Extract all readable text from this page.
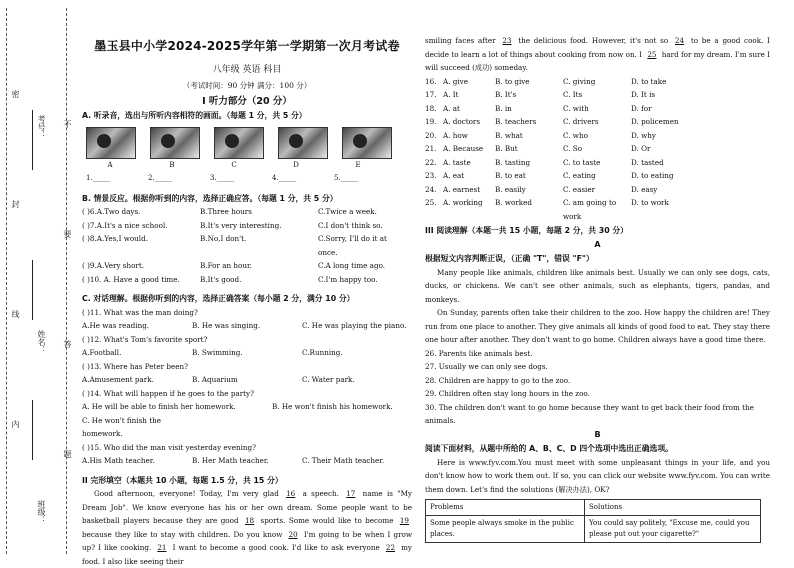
班级：
姓名：
考号：
密
封
线
内
不
要
答
题
墨玉县中小学2024-2025学年第一学期第一次月考试卷
八年级 英语 科目
（考试时间：90 分钟 满分：100 分）
I 听力部分（20 分）
A. 听录音，选出与所听内容相符的画面。（每题 1 分，共 5 分）
A	B	C	D	E
1._____	2._____	3._____	4._____	5._____
B. 情景反应。根据你听到的内容，选择正确应答。（每题 1 分，共 5 分）
( )6.A.Two days.	B.Three hours	C.Twice a week.
( )7.A.It's a nice school.	B.It's very interesting.	C.I don't think so.
( )8.A.Yes,I would.	B.No,I don't.	C.Sorry, I'll do it at once.
( )9.A.Very short.	B.For an hour.	C.A long time ago.
( )10. A. Have a good time.	B.It's good.	C.I'm happy too.
C. 对话理解。根据你听到的内容，选择正确答案（每小题 2 分，满分 10 分）
( )11. What was the man doing?
A.He was reading.	B. He was singing.	C. He was playing the piano.
( )12. What's Tom's favorite sport?
A.Football.	B. Swimming.	C.Running.
( )13. Where has Peter been?
A.Amusement park.	B. Aquarium	C. Water park.
( )14. What will happen if he goes to the party?
A. He will be able to finish her homework.	B. He won't finish his homework.
C. He won't finish the homework.
( )15. Who did the man visit yesterday evening?
A.His Math teacher.	B. Her Math teacher.	C. Their Math teacher.
II 完形填空（本题共 10 小题，每题 1.5 分，共 15 分）
Good afternoon, everyone! Today, I'm very glad 16 a speech. 17 name is "My Dream Job". We know everyone has his or her own dream. Some people want to be basketball players because they are good 18 sports. Some would like to become 19 because they like to stay with children. Do you know 20 I'm going to be when I grow up? I like cooking. 21 I want to become a good cook. I'd like to ask everyone 22 my food. I also like seeing their
smiling faces after 23 the delicious food. However, it's not so 24 to be a good cook. I decide to learn a lot of things about cooking from now on. I 25 hard for my dream. I'm sure I will succeed (成功) someday.
16. A. give	B. to give	C. giving	D. to take
17. A. It	B. It's	C. Its	D. It is
18. A. at	B. in	C. with	D. for
19. A. doctors	B. teachers	C. drivers	D. policemen
20. A. how	B. what	C. who	D. why
21. A. Because	B. But	C. So	D. Or
22. A. taste	B. tasting	C. to taste	D. tasted
23. A. eat	B. to eat	C. eating	D. to eating
24. A. earnest	B. easily	C. easier	D. easy
25. A. working	B. worked	C. am going to work
D. to work
III 阅读理解（本题一共 15 小题，每题 2 分，共 30 分）
A
根据短文内容判断正误，（正确 "T"，错误 "F"）
Many people like animals, children like animals best. Usually we can only see dogs, cats, ducks, or chickens. We can't see other animals, such as elephants, tigers, pandas, and monkeys.
On Sunday, parents often take their children to the zoo. How happy the children are! They run from one place to another. They give animals all kinds of good food to eat. They stay there one hour after another. They don't want to go home. Children always have a good time there.
26. Parents like animals best.
27. Usually we can only see dogs.
28. Children are happy to go to the zoo.
29. Children often stay long hours in the zoo.
30. The children don't want to go home because they want to get back their food from the animals.
B
阅读下面材料，从题中所给的 A、B、C、D 四个选项中选出正确选项。
Here is www.fyv.com.You must meet with some unpleasant things in your life, and you don't know how to work them out. If so, you can click our website www.fyv.com. You can write them down. Let's find the solutions (解决办法), OK?
Problems	Solutions
Some people always smoke in the public places.	You could say politely, "Excuse me, could you please put out your cigarette?"
